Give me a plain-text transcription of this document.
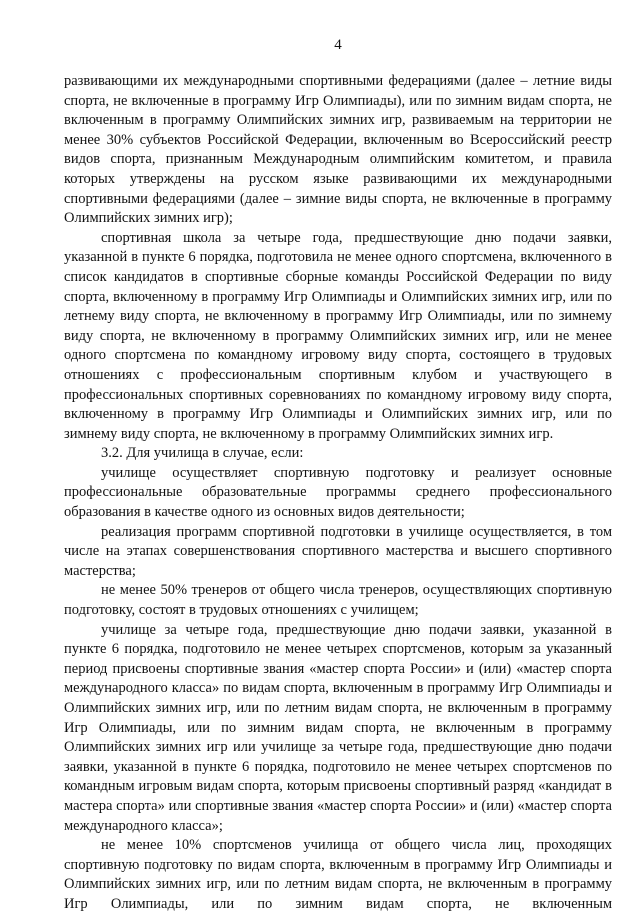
4

развивающими их международными спортивными федерациями (далее – летние виды спорта, не включенные в программу Игр Олимпиады), или по зимним видам спорта, не включенным в программу Олимпийских зимних игр, развиваемым на территории не менее 30% субъектов Российской Федерации, включенным во Всероссийский реестр видов спорта, признанным Международным олимпийским комитетом, и правила которых утверждены на русском языке развивающими их международными спортивными федерациями (далее – зимние виды спорта, не включенные в программу Олимпийских зимних игр);

спортивная школа за четыре года, предшествующие дню подачи заявки, указанной в пункте 6 порядка, подготовила не менее одного спортсмена, включенного в список кандидатов в спортивные сборные команды Российской Федерации по виду спорта, включенному в программу Игр Олимпиады и Олимпийских зимних игр, или по летнему виду спорта, не включенному в программу Игр Олимпиады, или по зимнему виду спорта, не включенному в программу Олимпийских зимних игр, или не менее одного спортсмена по командному игровому виду спорта, состоящего в трудовых отношениях с профессиональным спортивным клубом и участвующего в профессиональных спортивных соревнованиях по командному игровому виду спорта, включенному в программу Игр Олимпиады и Олимпийских зимних игр, или по зимнему виду спорта, не включенному в программу Олимпийских зимних игр.

3.2. Для училища в случае, если:

училище осуществляет спортивную подготовку и реализует основные профессиональные образовательные программы среднего профессионального образования в качестве одного из основных видов деятельности;

реализация программ спортивной подготовки в училище осуществляется, в том числе на этапах совершенствования спортивного мастерства и высшего спортивного мастерства;

не менее 50% тренеров от общего числа тренеров, осуществляющих спортивную подготовку, состоят в трудовых отношениях с училищем;

училище за четыре года, предшествующие дню подачи заявки, указанной в пункте 6 порядка, подготовило не менее четырех спортсменов, которым за указанный период присвоены спортивные звания «мастер спорта России» и (или) «мастер спорта международного класса» по видам спорта, включенным в программу Игр Олимпиады и Олимпийских зимних игр, или по летним видам спорта, не включенным в программу Игр Олимпиады, или по зимним видам спорта, не включенным в программу Олимпийских зимних игр или училище за четыре года, предшествующие дню подачи заявки, указанной в пункте 6 порядка, подготовило не менее четырех спортсменов по командным игровым видам спорта, которым присвоены спортивный разряд «кандидат в мастера спорта» или спортивные звания «мастер спорта России» и (или) «мастер спорта международного класса»;

не менее 10% спортсменов училища от общего числа лиц, проходящих спортивную подготовку по видам спорта, включенным в программу Игр Олимпиады и Олимпийских зимних игр, или по летним видам спорта, не включенным в программу Игр Олимпиады, или по зимним видам спорта, не включенным
